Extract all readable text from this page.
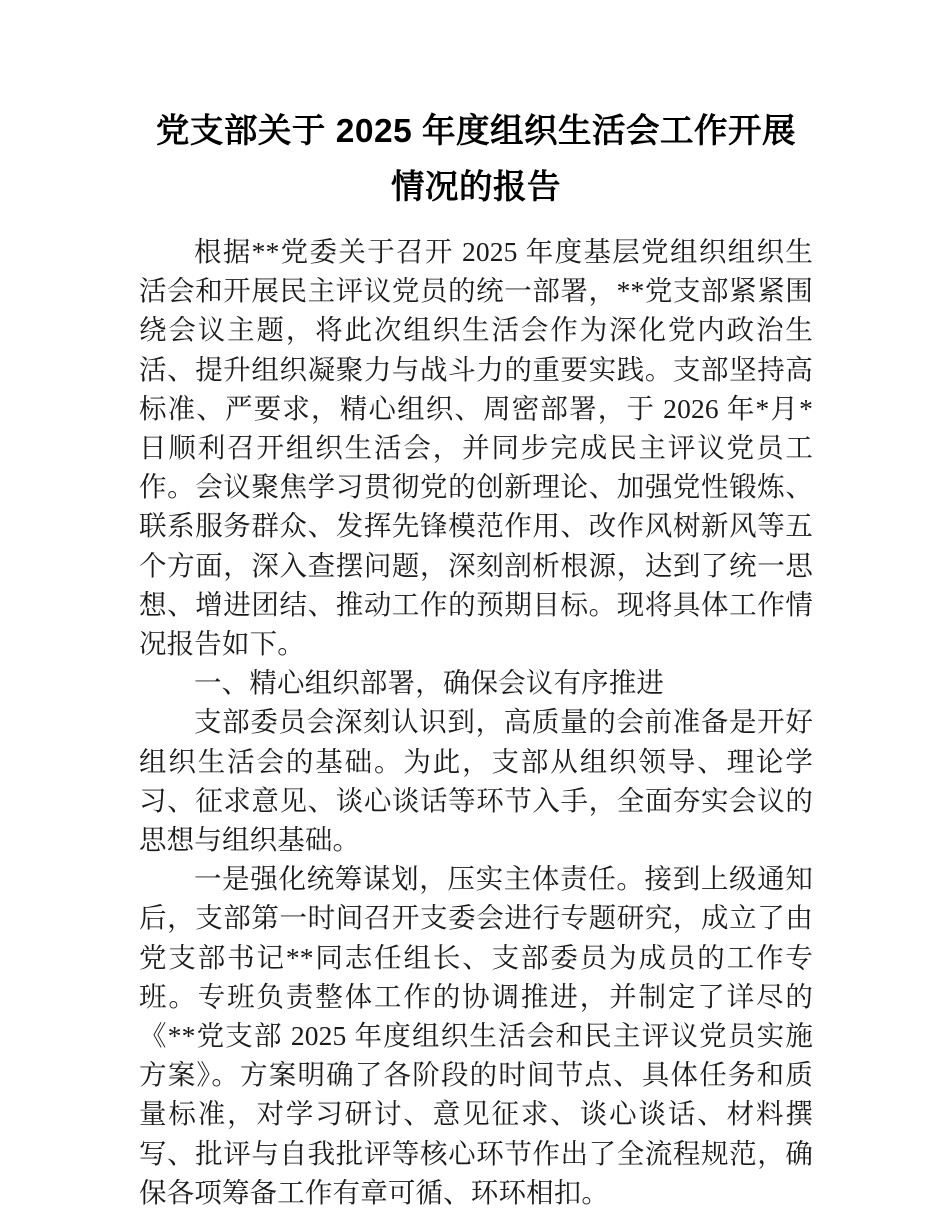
党支部关于 2025 年度组织生活会工作开展情况的报告

根据**党委关于召开 2025 年度基层党组织组织生活会和开展民主评议党员的统一部署，**党支部紧紧围绕会议主题，将此次组织生活会作为深化党内政治生活、提升组织凝聚力与战斗力的重要实践。支部坚持高标准、严要求，精心组织、周密部署，于 2026 年*月*日顺利召开组织生活会，并同步完成民主评议党员工作。会议聚焦学习贯彻党的创新理论、加强党性锻炼、联系服务群众、发挥先锋模范作用、改作风树新风等五个方面，深入查摆问题，深刻剖析根源，达到了统一思想、增进团结、推动工作的预期目标。现将具体工作情况报告如下。

一、精心组织部署，确保会议有序推进

支部委员会深刻认识到，高质量的会前准备是开好组织生活会的基础。为此，支部从组织领导、理论学习、征求意见、谈心谈话等环节入手，全面夯实会议的思想与组织基础。

一是强化统筹谋划，压实主体责任。接到上级通知后，支部第一时间召开支委会进行专题研究，成立了由党支部书记**同志任组长、支部委员为成员的工作专班。专班负责整体工作的协调推进，并制定了详尽的《**党支部 2025 年度组织生活会和民主评议党员实施方案》。方案明确了各阶段的时间节点、具体任务和质量标准，对学习研讨、意见征求、谈心谈话、材料撰写、批评与自我批评等核心环节作出了全流程规范，确保各项筹备工作有章可循、环环相扣。
